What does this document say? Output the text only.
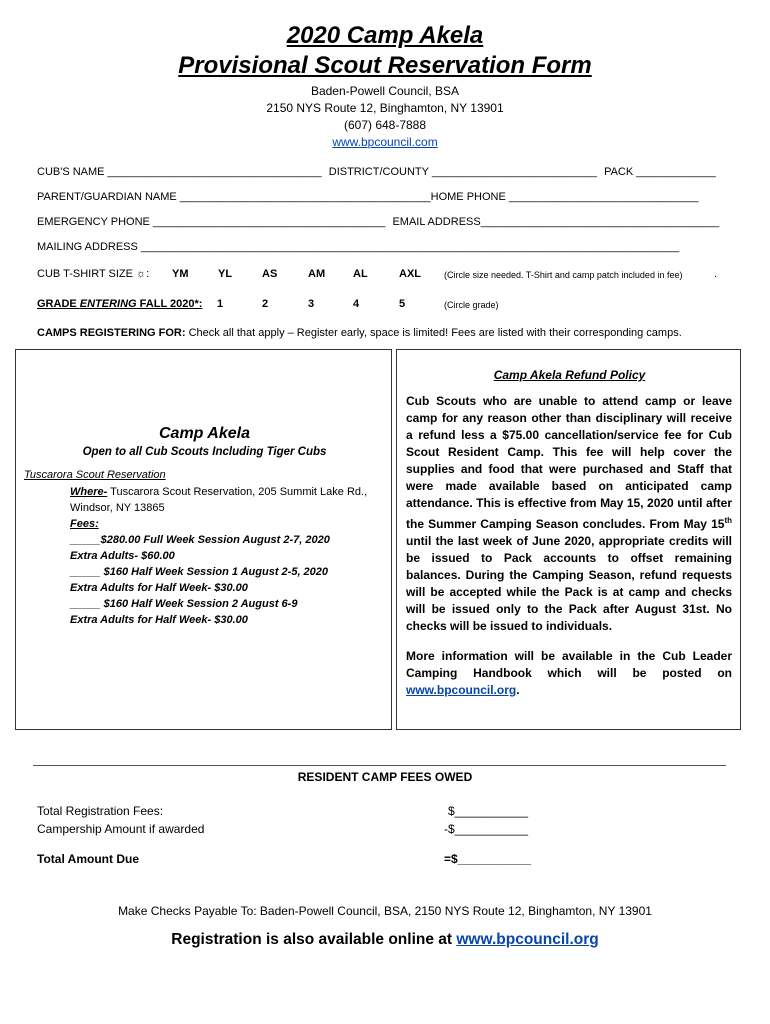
2020 Camp Akela
Provisional Scout Reservation Form
Baden-Powell Council, BSA
2150 NYS Route 12, Binghamton, NY 13901
(607) 648-7888
www.bpcouncil.com
CUB'S NAME ___________________________________ DISTRICT/COUNTY ___________________________ PACK _____________
PARENT/GUARDIAN NAME _________________________________________HOME PHONE _______________________________
EMERGENCY PHONE ______________________________________ EMAIL ADDRESS_______________________________________
MAILING ADDRESS ________________________________________________________________________________________
CUB T-SHIRT SIZE ☼: YM	YL	AS	AM	AL	AXL	(Circle size needed. T-Shirt and camp patch included in fee)	.
GRADE ENTERING FALL 2020*: 1	2	3	4	5	(Circle grade)
CAMPS REGISTERING FOR: Check all that apply – Register early, space is limited! Fees are listed with their corresponding camps.
Camp Akela
Open to all Cub Scouts Including Tiger Cubs
Tuscarora Scout Reservation
Where- Tuscarora Scout Reservation, 205 Summit Lake Rd.,
Windsor, NY 13865
Fees:
_____$280.00 Full Week Session August 2-7, 2020
Extra Adults- $60.00
_____ $160 Half Week Session 1 August 2-5, 2020
Extra Adults for Half Week- $30.00
_____ $160 Half Week Session 2 August 6-9
Extra Adults for Half Week- $30.00
Camp Akela Refund Policy
Cub Scouts who are unable to attend camp or leave camp for any reason other than disciplinary will receive a refund less a $75.00 cancellation/service fee for Cub Scout Resident Camp. This fee will help cover the supplies and food that were purchased and Staff that were made available based on anticipated camp attendance. This is effective from May 15, 2020 until after the Summer Camping Season concludes. From May 15th until the last week of June 2020, appropriate credits will be issued to Pack accounts to offset remaining balances. During the Camping Season, refund requests will be accepted while the Pack is at camp and checks will be issued only to the Pack after August 31st. No checks will be issued to individuals.
More information will be available in the Cub Leader Camping Handbook which will be posted on www.bpcouncil.org.
RESIDENT CAMP FEES OWED
Total Registration Fees:	$___________
Campership Amount if awarded	-$___________
Total Amount Due	=$___________
Make Checks Payable To: Baden-Powell Council, BSA, 2150 NYS Route 12, Binghamton, NY 13901
Registration is also available online at www.bpcouncil.org
